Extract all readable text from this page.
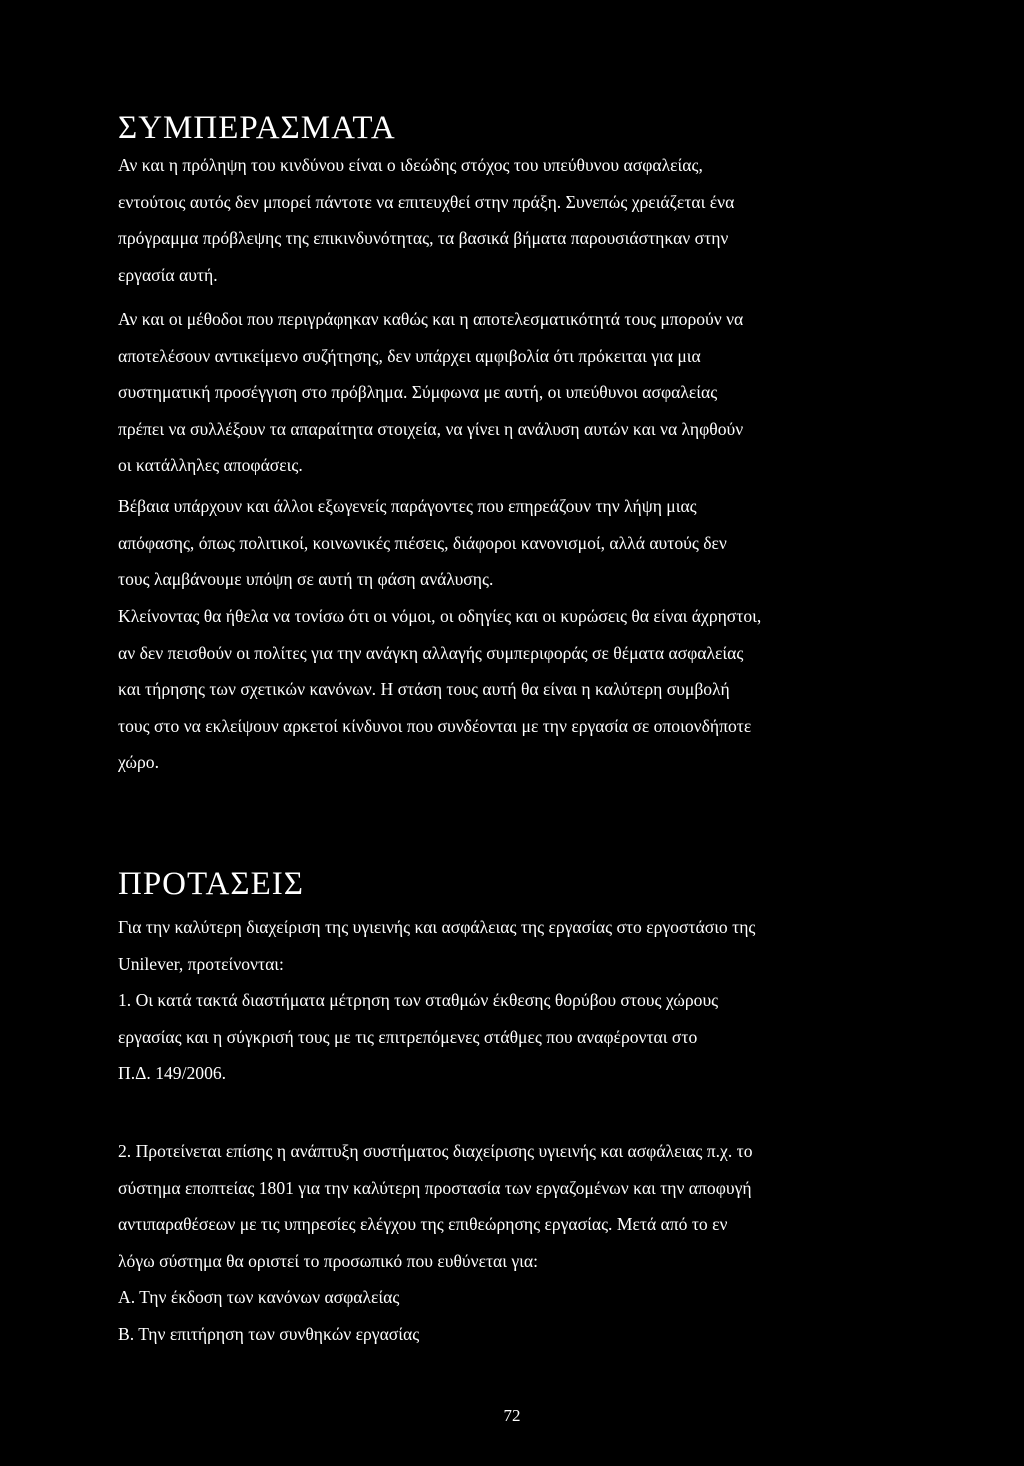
ΣΥΜΠΕΡΑΣΜΑΤΑ
Αν και η πρόληψη του κινδύνου είναι ο ιδεώδης στόχος του υπεύθυνου ασφαλείας,
εντούτοις αυτός δεν μπορεί πάντοτε να επιτευχθεί στην πράξη. Συνεπώς χρειάζεται ένα
πρόγραμμα πρόβλεψης της επικινδυνότητας, τα βασικά βήματα παρουσιάστηκαν στην
εργασία αυτή.
Αν και οι μέθοδοι που περιγράφηκαν καθώς και η αποτελεσματικότητά τους μπορούν να
αποτελέσουν αντικείμενο συζήτησης, δεν υπάρχει αμφιβολία ότι πρόκειται για μια
συστηματική προσέγγιση στο πρόβλημα. Σύμφωνα με αυτή, οι υπεύθυνοι ασφαλείας
πρέπει να συλλέξουν τα απαραίτητα στοιχεία, να γίνει η ανάλυση αυτών και να ληφθούν
οι κατάλληλες αποφάσεις.
Βέβαια υπάρχουν και άλλοι εξωγενείς παράγοντες που επηρεάζουν την λήψη μιας
απόφασης, όπως πολιτικοί, κοινωνικές πιέσεις, διάφοροι κανονισμοί, αλλά αυτούς δεν
τους λαμβάνουμε υπόψη σε αυτή τη φάση ανάλυσης.
Κλείνοντας θα ήθελα να τονίσω ότι οι νόμοι, οι οδηγίες και οι κυρώσεις θα είναι άχρηστοι,
αν δεν πεισθούν οι πολίτες για την ανάγκη αλλαγής συμπεριφοράς σε θέματα ασφαλείας
και τήρησης των σχετικών κανόνων. Η στάση τους αυτή θα είναι η καλύτερη συμβολή
τους στο να εκλείψουν αρκετοί κίνδυνοι που συνδέονται με την εργασία σε οποιονδήποτε
χώρο.
ΠΡΟΤΑΣΕΙΣ
Για την καλύτερη διαχείριση της υγιεινής και ασφάλειας της εργασίας στο εργοστάσιο της
Unilever, προτείνονται:
1. Οι κατά τακτά διαστήματα μέτρηση των σταθμών έκθεσης θορύβου στους χώρους
εργασίας και η σύγκρισή τους με τις επιτρεπόμενες στάθμες που αναφέρονται στο
Π.Δ. 149/2006.
2. Προτείνεται επίσης η ανάπτυξη συστήματος διαχείρισης υγιεινής και ασφάλειας π.χ. το
σύστημα εποπτείας 1801 για την καλύτερη προστασία των εργαζομένων και την αποφυγή
αντιπαραθέσεων με τις υπηρεσίες ελέγχου της επιθεώρησης εργασίας. Μετά από το εν
λόγω σύστημα θα οριστεί το προσωπικό που ευθύνεται για:
Α. Την έκδοση των κανόνων ασφαλείας
Β. Την επιτήρηση των συνθηκών εργασίας
72
